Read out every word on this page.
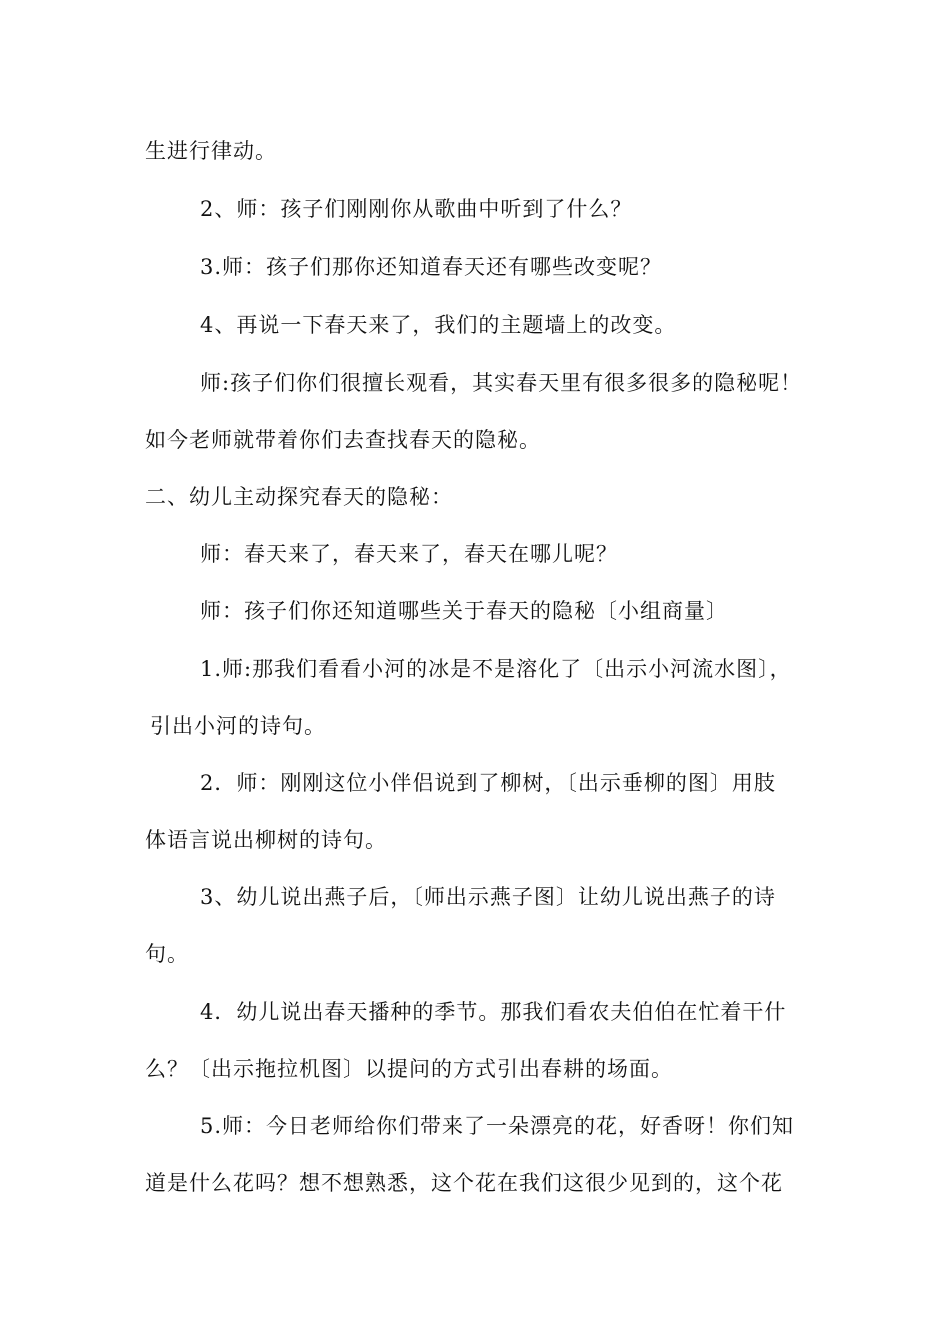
生进行律动。
2、师：孩子们刚刚你从歌曲中听到了什么？
3.师：孩子们那你还知道春天还有哪些改变呢？
4、再说一下春天来了，我们的主题墙上的改变。
师:孩子们你们很擅长观看，其实春天里有很多很多的隐秘呢！
如今老师就带着你们去查找春天的隐秘。
二、幼儿主动探究春天的隐秘：
师：春天来了，春天来了，春天在哪儿呢？
师：孩子们你还知道哪些关于春天的隐秘〔小组商量〕
1.师:那我们看看小河的冰是不是溶化了〔出示小河流水图〕，
引出小河的诗句。
2．师：刚刚这位小伴侣说到了柳树，〔出示垂柳的图〕用肢
体语言说出柳树的诗句。
3、幼儿说出燕子后，〔师出示燕子图〕让幼儿说出燕子的诗
句。
4．幼儿说出春天播种的季节。那我们看农夫伯伯在忙着干什
么？〔出示拖拉机图〕以提问的方式引出春耕的场面。
5.师：今日老师给你们带来了一朵漂亮的花，好香呀！你们知
道是什么花吗？想不想熟悉，这个花在我们这很少见到的，这个花
